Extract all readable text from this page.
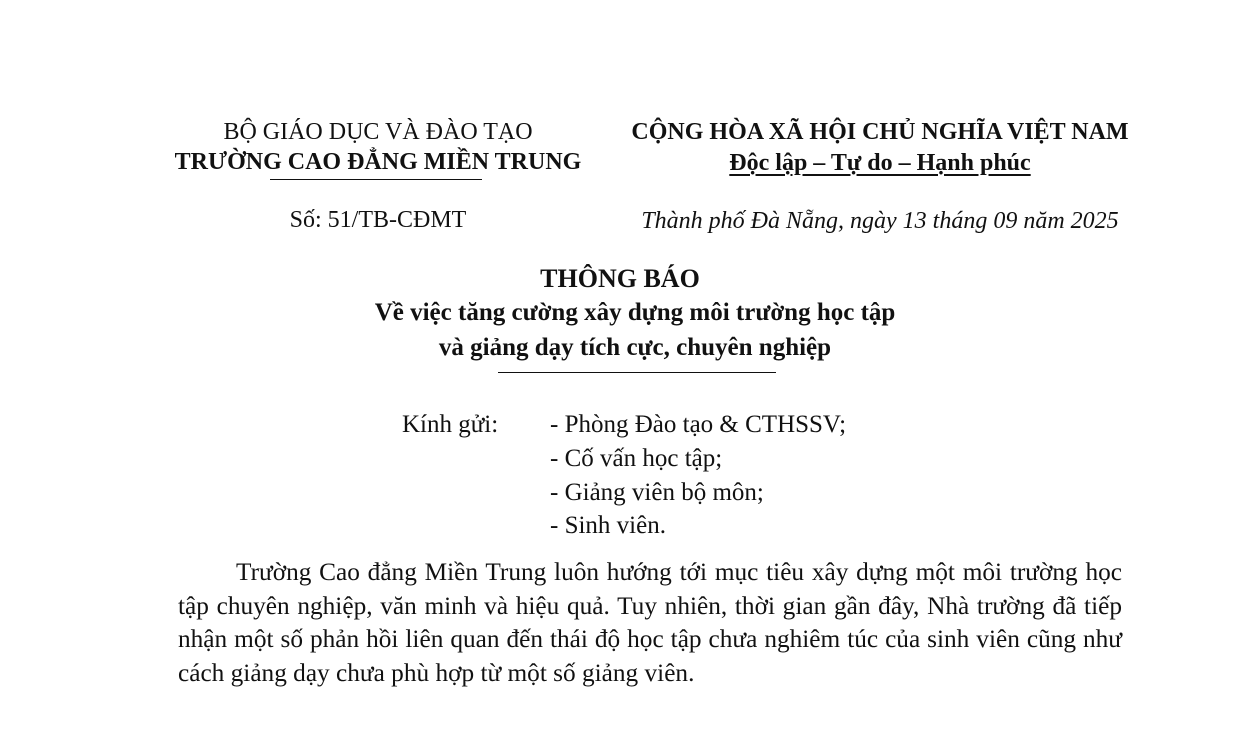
BỘ GIÁO DỤC VÀ ĐÀO TẠO
TRƯỜNG CAO ĐẲNG MIỀN TRUNG
Số: 51/TB-CĐMT
CỘNG HÒA XÃ HỘI CHỦ NGHĨA VIỆT NAM
Độc lập – Tự do – Hạnh phúc
Thành phố Đà Nẵng, ngày 13 tháng 09 năm 2025
THÔNG BÁO
Về việc tăng cường xây dựng môi trường học tập
và giảng dạy tích cực, chuyên nghiệp
Kính gửi: - Phòng Đào tạo & CTHSSV;
- Cố vấn học tập;
- Giảng viên bộ môn;
- Sinh viên.

Trường Cao đẳng Miền Trung luôn hướng tới mục tiêu xây dựng một môi trường học tập chuyên nghiệp, văn minh và hiệu quả. Tuy nhiên, thời gian gần đây, Nhà trường đã tiếp nhận một số phản hồi liên quan đến thái độ học tập chưa nghiêm túc của sinh viên cũng như cách giảng dạy chưa phù hợp từ một số giảng viên.
